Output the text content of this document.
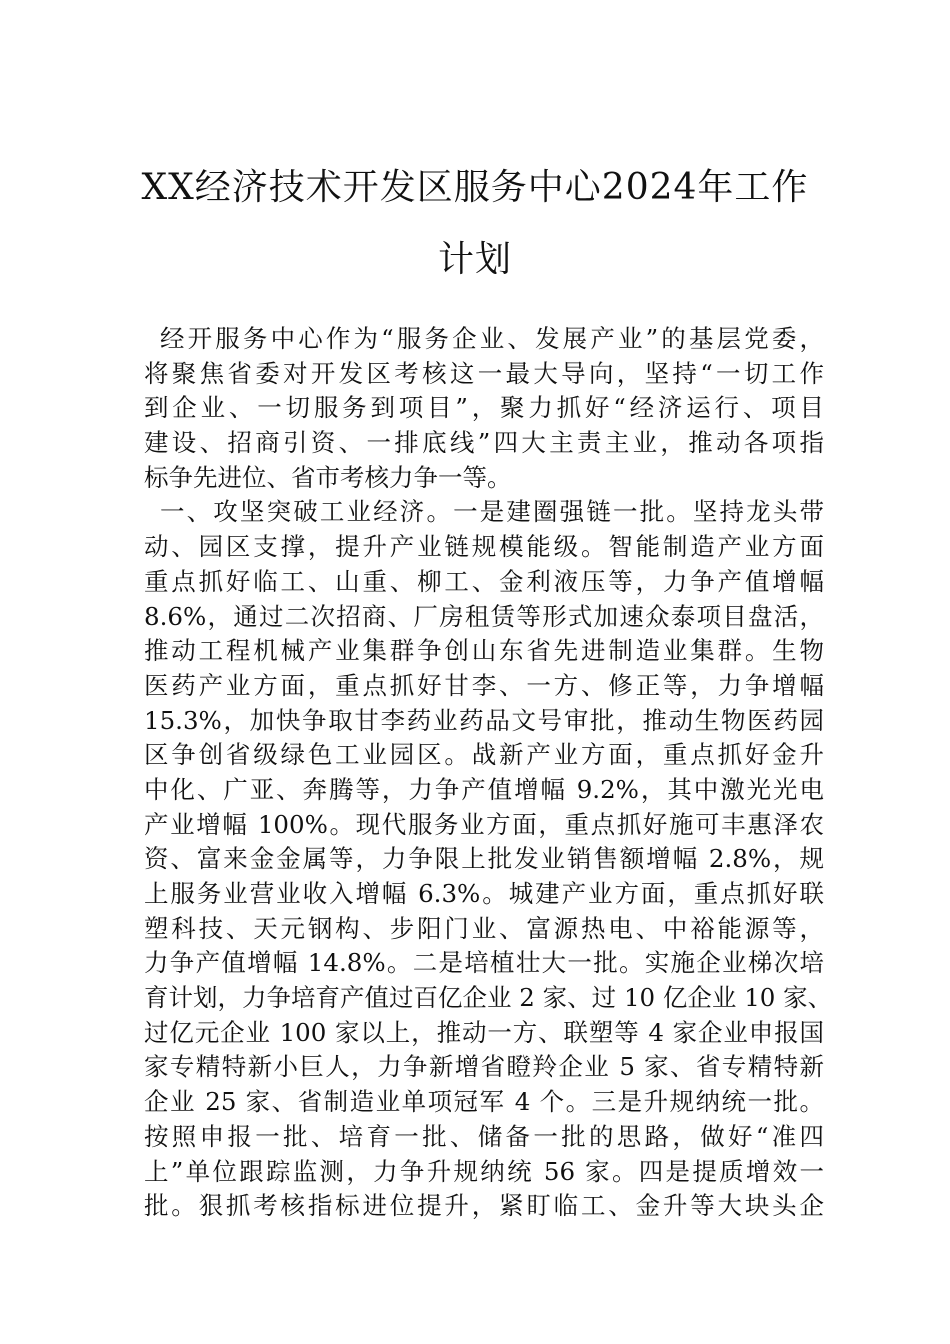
XX经济技术开发区服务中心2024年工作
计划
经开服务中心作为“服务企业、发展产业”的基层党委，
将聚焦省委对开发区考核这一最大导向，坚持“一切工作
到企业、一切服务到项目”，聚力抓好“经济运行、项目
建设、招商引资、一排底线”四大主责主业，推动各项指
标争先进位、省市考核力争一等。
一、攻坚突破工业经济。一是建圈强链一批。坚持龙头带
动、园区支撑，提升产业链规模能级。智能制造产业方面
重点抓好临工、山重、柳工、金利液压等，力争产值增幅
8.6%，通过二次招商、厂房租赁等形式加速众泰项目盘活，
推动工程机械产业集群争创山东省先进制造业集群。生物
医药产业方面，重点抓好甘李、一方、修正等，力争增幅
15.3%，加快争取甘李药业药品文号审批，推动生物医药园
区争创省级绿色工业园区。战新产业方面，重点抓好金升
中化、广亚、奔腾等，力争产值增幅 9.2%，其中激光光电
产业增幅 100%。现代服务业方面，重点抓好施可丰惠泽农
资、富来金金属等，力争限上批发业销售额增幅 2.8%，规
上服务业营业收入增幅 6.3%。城建产业方面，重点抓好联
塑科技、天元钢构、步阳门业、富源热电、中裕能源等，
力争产值增幅 14.8%。二是培植壮大一批。实施企业梯次培
育计划，力争培育产值过百亿企业 2 家、过 10 亿企业 10 家、
过亿元企业 100 家以上，推动一方、联塑等 4 家企业申报国
家专精特新小巨人，力争新增省瞪羚企业 5 家、省专精特新
企业 25 家、省制造业单项冠军 4 个。三是升规纳统一批。
按照申报一批、培育一批、储备一批的思路，做好“准四
上”单位跟踪监测，力争升规纳统 56 家。四是提质增效一
批。狠抓考核指标进位提升，紧盯临工、金升等大块头企
